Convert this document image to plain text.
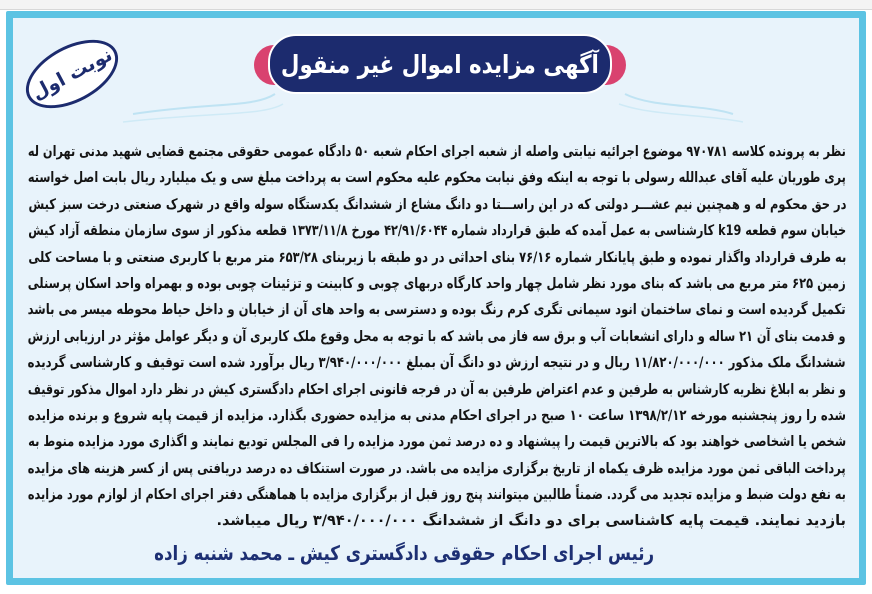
نوبت اول	آگهی مزایده اموال غیر منقول
نظر به پرونده کلاسه ۹۷۰۷۸۱ موضوع اجرائیه نیابتی واصله از شعبه اجرای احکام شعبه ۵۰ دادگاه عمومی حقوقی مجتمع قضایی شهید مدنی تهران له
پری طوریان علیه آقای عبدالله رسولی با توجه به اینکه وفق نیابت محکوم علیه محکوم است به پرداخت مبلغ سی و یک میلیارد ریال بابت اصل خواسته
در حق محکوم له و همچنین نیم عشـــر دولتی که در این راســـتا دو دانگ مشاع از ششدانگ یکدستگاه سوله واقع در شهرک صنعتی درخت سبز کیش
خیابان سوم قطعه k19 کارشناسی به عمل آمده که طبق قرارداد شماره ۴۲/۹۱/۶۰۴۴ مورخ ۱۳۷۳/۱۱/۸ قطعه مذکور از سوی سازمان منطقه آزاد کیش
به طرف قرارداد واگذار نموده و طبق پایانکار شماره ۷۶/۱۶ بنای احداثی در دو طبقه با زیربنای ۶۵۳/۲۸ متر مربع با کاربری صنعتی و با مساحت کلی
زمین ۶۲۵ متر مربع می باشد که بنای مورد نظر شامل چهار واحد کارگاه دربهای چوبی و کابینت و تزئینات چوبی بوده و بهمراه واحد اسکان پرسنلی
تکمیل گردیده است و نمای ساختمان انود سیمانی تگری کرم رنگ بوده و دسترسی به واحد های آن از خیابان و داخل حیاط محوطه میسر می باشد
و قدمت بنای آن ۲۱ ساله و دارای انشعابات آب و برق سه فاز می باشد که با توجه به محل وقوع ملک کاربری آن و دیگر عوامل مؤثر در ارزیابی ارزش
ششدانگ ملک مذکور ۱۱/۸۲۰/۰۰۰/۰۰۰ ریال و در نتیجه ارزش دو دانگ آن بمبلغ ۳/۹۴۰/۰۰۰/۰۰۰ ریال برآورد شده است توقیف و کارشناسی گردیده
و نظر به ابلاغ نظریه کارشناس به طرفین و عدم اعتراض طرفین به آن در فرجه قانونی اجرای احکام دادگستری کیش در نظر دارد اموال مذکور توقیف
شده را روز پنجشنبه مورخه ۱۳۹۸/۲/۱۲ ساعت ۱۰ صبح در اجرای احکام مدنی به مزایده حضوری بگذارد. مزایده از قیمت پایه شروع و برنده مزایده
شخص یا اشخاصی خواهند بود که بالاترین قیمت را پیشنهاد و ده درصد ثمن مورد مزایده را فی المجلس تودیع نمایند و اگذاری مورد مزایده منوط به
پرداخت الباقی ثمن مورد مزایده ظرف یکماه از تاریخ برگزاری مزایده می باشد. در صورت استنکاف ده درصد دریافتی پس از کسر هزینه های مزایده
به نفع دولت ضبط و مزایده تجدید می گردد. ضمناً طالبین میتوانند پنج روز قبل از برگزاری مزایده با هماهنگی دفتر اجرای احکام از لوازم مورد مزایده
بازدید نمایند. قیمت پایه کاشناسی برای دو دانگ از ششدانگ ۳/۹۴۰/۰۰۰/۰۰۰ ریال میباشد.
رئیس اجرای احکام حقوقی دادگستری کیش ـ محمد شنبه زاده
